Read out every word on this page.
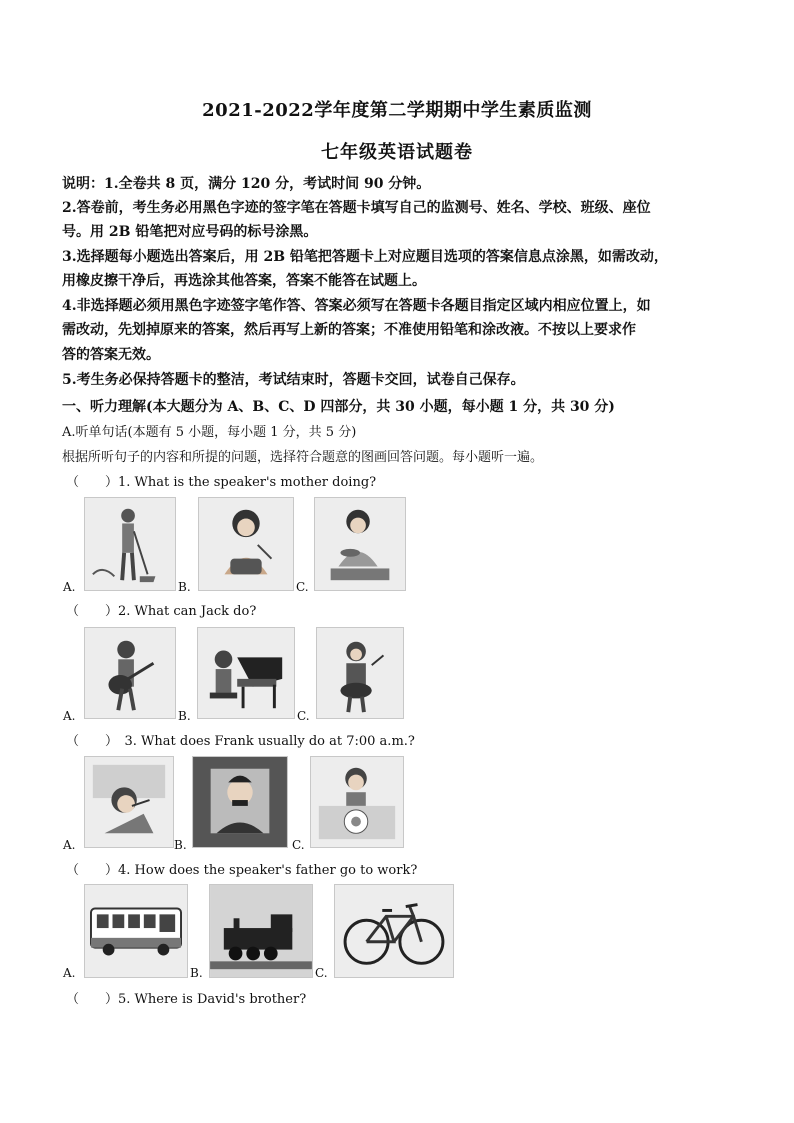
2021-2022学年度第二学期期中学生素质监测
七年级英语试题卷
说明：1.全卷共 8 页，满分 120 分，考试时间 90 分钟。
2.答卷前，考生务必用黑色字迹的签字笔在答题卡填写自己的监测号、姓名、学校、班级、座位
号。用 2B 铅笔把对应号码的标号涂黑。
3.选择题每小题选出答案后，用 2B 铅笔把答题卡上对应题目选项的答案信息点涂黑，如需改动，
用橡皮擦干净后，再选涂其他答案，答案不能答在试题上。
4.非选择题必须用黑色字迹签字笔作答、答案必须写在答题卡各题目指定区域内相应位置上，如
需改动，先划掉原来的答案，然后再写上新的答案；不准使用铅笔和涂改液。不按以上要求作
答的答案无效。
5.考生务必保持答题卡的整洁，考试结束时，答题卡交回，试卷自己保存。
一、听力理解(本大题分为 A、B、C、D 四部分，共 30 小题，每小题 1 分，共 30 分)
A.听单句话(本题有 5 小题，每小题 1 分，共 5 分)
根据所听句子的内容和所提的问题，选择符合题意的图画回答问题。每小题听一遍。
（　　）1. What is the speaker's mother doing?
A.	B.	C.
（　　）2. What can Jack do?
A.	B.	C.
（　　）　3. What does Frank usually do at 7:00 a.m.?
A.	B.	C.
（　　）4. How does the speaker's father go to work?
A.	B.	C.
（　　）5. Where is David's brother?
